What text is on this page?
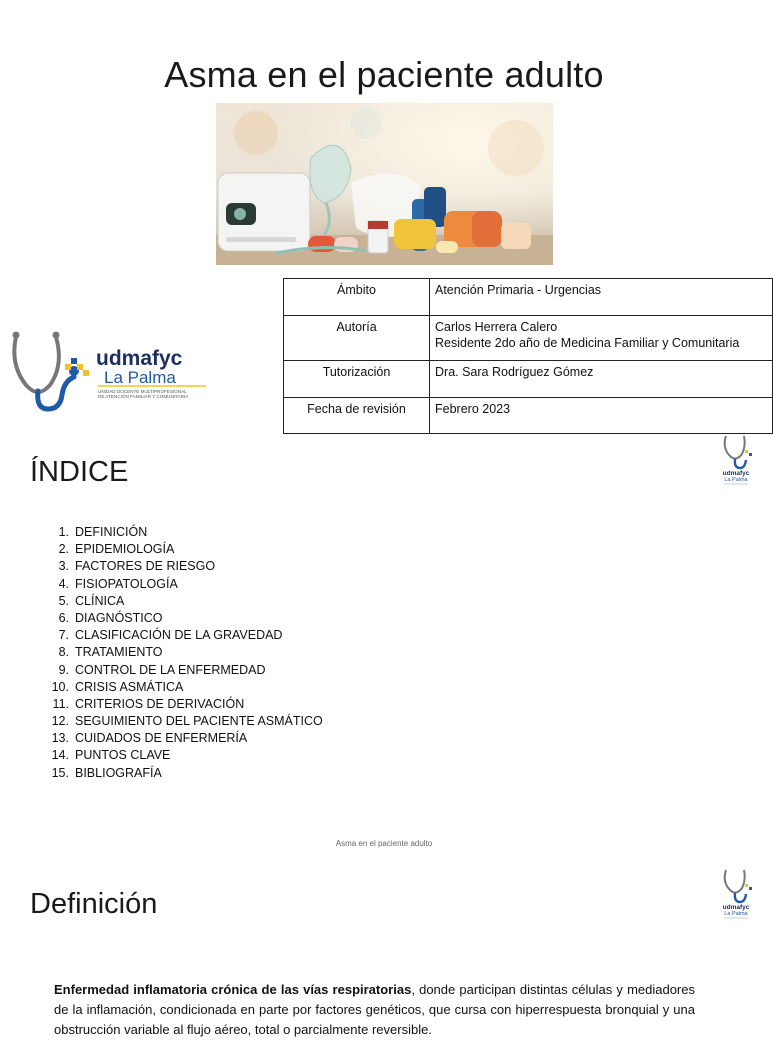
Asma en el paciente adulto
Ámbito	Atención Primaria - Urgencias

Autoría	Carlos Herrera Calero
Residente 2do año de Medicina Familiar y Comunitaria

Tutorización	Dra. Sara Rodríguez Gómez

Fecha de revisión	Febrero 2023
udmafyc
La Palma
UNIDAD DOCENTE MULTIPROFESIONAL
DE ATENCIÓN FAMILIAR Y COMUNITARIA
udmafyc
La Palma
ÍNDICE
1. DEFINICIÓN
2. EPIDEMIOLOGÍA
3. FACTORES DE RIESGO
4. FISIOPATOLOGÍA
5. CLÍNICA
6. DIAGNÓSTICO
7. CLASIFICACIÓN DE LA GRAVEDAD
8. TRATAMIENTO
9. CONTROL DE LA ENFERMEDAD
10. CRISIS ASMÁTICA
11. CRITERIOS DE DERIVACIÓN
12. SEGUIMIENTO DEL PACIENTE ASMÁTICO
13. CUIDADOS DE ENFERMERÍA
14. PUNTOS CLAVE
15. BIBLIOGRAFÍA
Asma en el paciente adulto
udmafyc
La Palma
Definición

Enfermedad inflamatoria crónica de las vías respiratorias, donde participan distintas células y mediadores de la inflamación, condicionada en parte por factores genéticos, que cursa con hiperrespuesta bronquial y una obstrucción variable al flujo aéreo, total o parcialmente reversible.
